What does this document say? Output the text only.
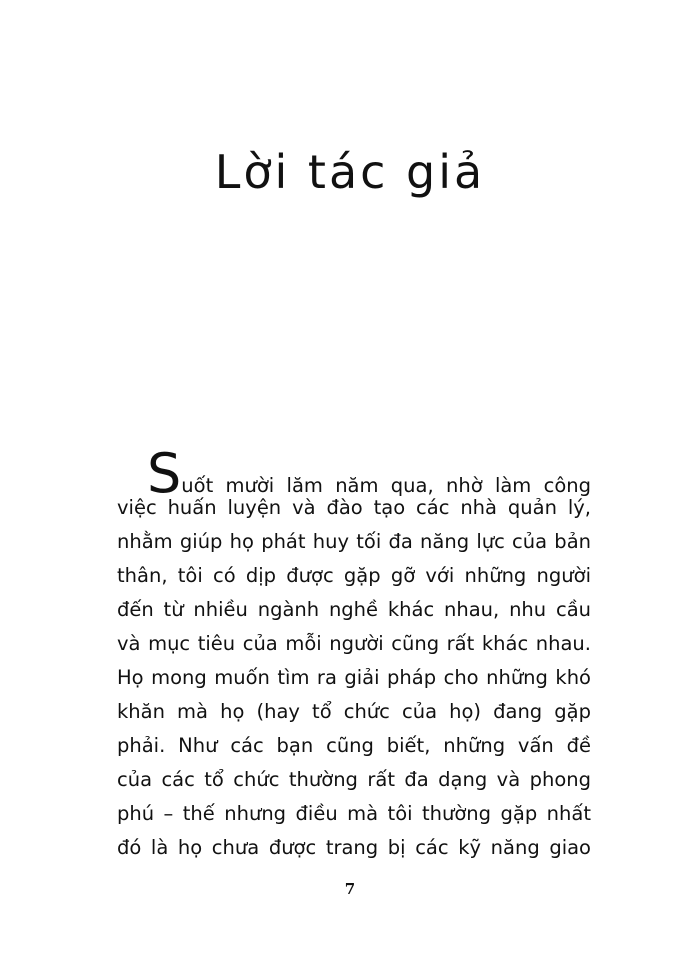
Lời tác giả
Suốt mười lăm năm qua, nhờ làm công
việc huấn luyện và đào tạo các nhà quản lý,
nhằm giúp họ phát huy tối đa năng lực của bản
thân, tôi có dịp được gặp gỡ với những người
đến từ nhiều ngành nghề khác nhau, nhu cầu
và mục tiêu của mỗi người cũng rất khác nhau.
Họ mong muốn tìm ra giải pháp cho những khó
khăn mà họ (hay tổ chức của họ) đang gặp
phải. Như các bạn cũng biết, những vấn đề
của các tổ chức thường rất đa dạng và phong
phú – thế nhưng điều mà tôi thường gặp nhất
đó là họ chưa được trang bị các kỹ năng giao
7
